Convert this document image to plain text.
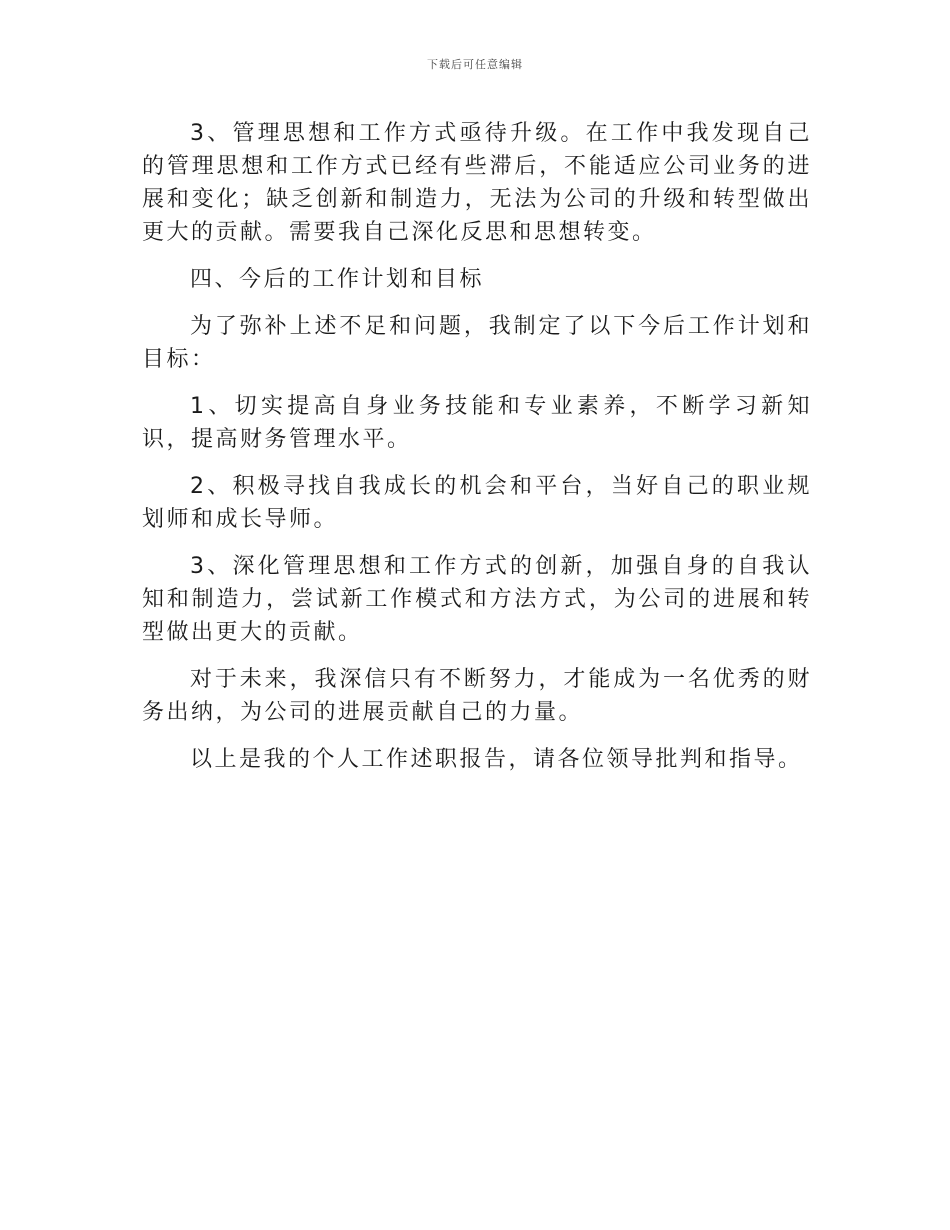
下载后可任意编辑

3、管理思想和工作方式亟待升级。在工作中我发现自己的管理思想和工作方式已经有些滞后，不能适应公司业务的进展和变化；缺乏创新和制造力，无法为公司的升级和转型做出更大的贡献。需要我自己深化反思和思想转变。

四、今后的工作计划和目标

为了弥补上述不足和问题，我制定了以下今后工作计划和目标：

1、切实提高自身业务技能和专业素养，不断学习新知识，提高财务管理水平。

2、积极寻找自我成长的机会和平台，当好自己的职业规划师和成长导师。

3、深化管理思想和工作方式的创新，加强自身的自我认知和制造力，尝试新工作模式和方法方式，为公司的进展和转型做出更大的贡献。

对于未来，我深信只有不断努力，才能成为一名优秀的财务出纳，为公司的进展贡献自己的力量。

以上是我的个人工作述职报告，请各位领导批判和指导。
